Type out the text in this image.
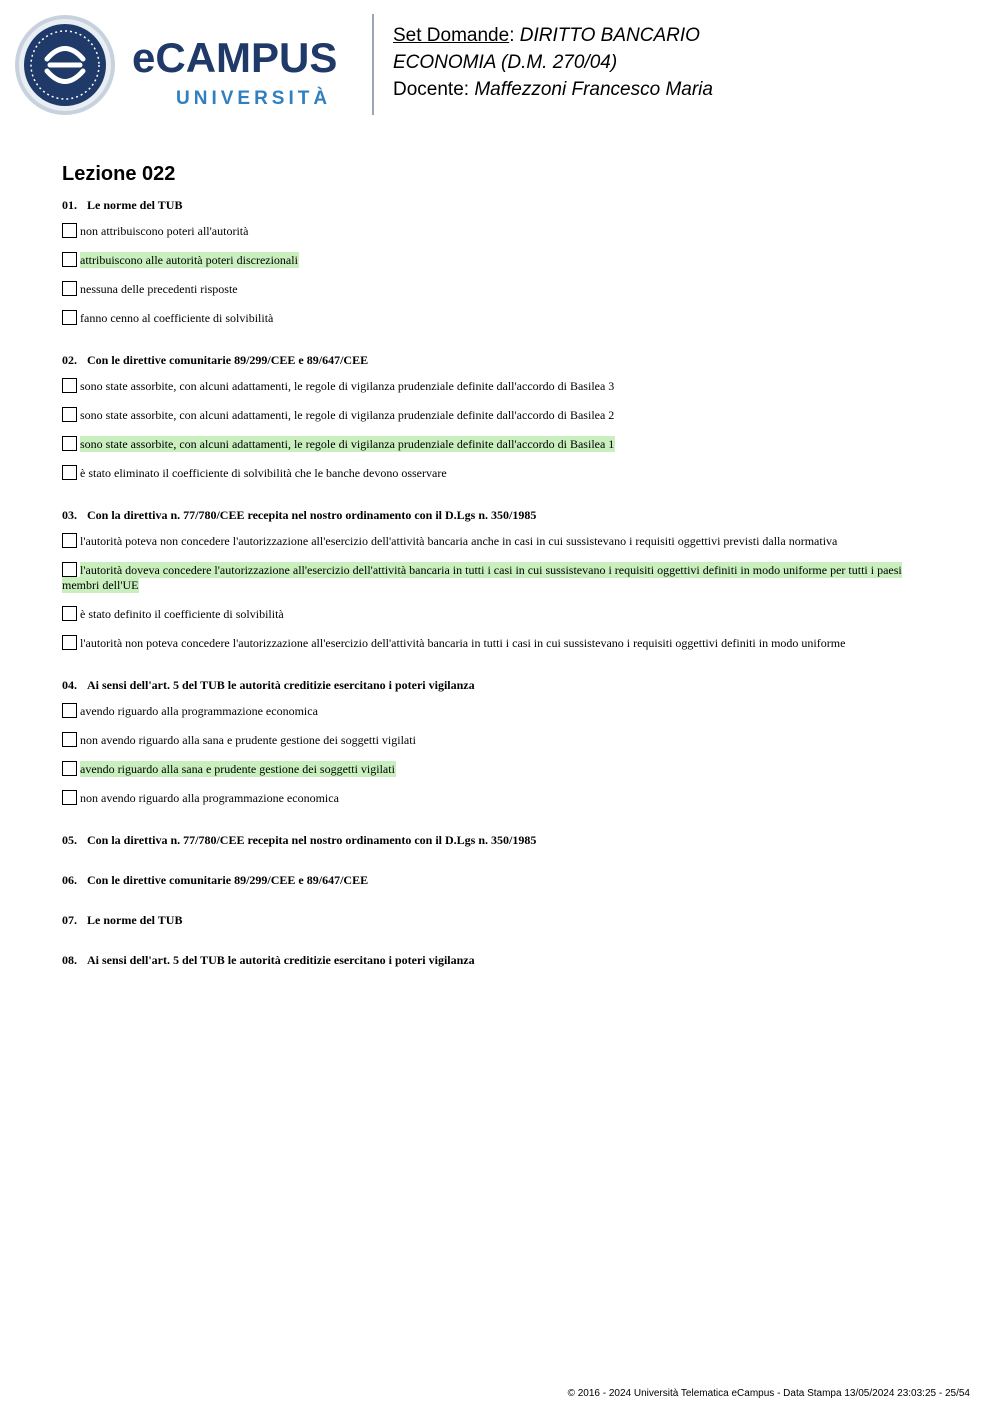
eCAMPUS
UNIVERSITÀ
Set Domande: DIRITTO BANCARIO
ECONOMIA (D.M. 270/04)
Docente: Maffezzoni Francesco Maria
Lezione 022
01. Le norme del TUB
non attribuiscono poteri all'autorità
attribuiscono alle autorità poteri discrezionali
nessuna delle precedenti risposte
fanno cenno al coefficiente di solvibilità
02. Con le direttive comunitarie 89/299/CEE e 89/647/CEE
sono state assorbite, con alcuni adattamenti, le regole di vigilanza prudenziale definite dall'accordo di Basilea 3
sono state assorbite, con alcuni adattamenti, le regole di vigilanza prudenziale definite dall'accordo di Basilea 2
sono state assorbite, con alcuni adattamenti, le regole di vigilanza prudenziale definite dall'accordo di Basilea 1
è stato eliminato il coefficiente di solvibilità che le banche devono osservare
03. Con la direttiva n. 77/780/CEE recepita nel nostro ordinamento con il D.Lgs n. 350/1985
l'autorità poteva non concedere l'autorizzazione all'esercizio dell'attività bancaria anche in casi in cui sussistevano i requisiti oggettivi previsti dalla normativa
l'autorità doveva concedere l'autorizzazione all'esercizio dell'attività bancaria in tutti i casi in cui sussistevano i requisiti oggettivi definiti in modo uniforme per tutti i paesi membri dell'UE
è stato definito il coefficiente di solvibilità
l'autorità non poteva concedere l'autorizzazione all'esercizio dell'attività bancaria in tutti i casi in cui sussistevano i requisiti oggettivi definiti in modo uniforme
04. Ai sensi dell'art. 5 del TUB le autorità creditizie esercitano i poteri vigilanza
avendo riguardo alla programmazione economica
non avendo riguardo alla sana e prudente gestione dei soggetti vigilati
avendo riguardo alla sana e prudente gestione dei soggetti vigilati
non avendo riguardo alla programmazione economica
05. Con la direttiva n. 77/780/CEE recepita nel nostro ordinamento con il D.Lgs n. 350/1985
06. Con le direttive comunitarie 89/299/CEE e 89/647/CEE
07. Le norme del TUB
08. Ai sensi dell'art. 5 del TUB le autorità creditizie esercitano i poteri vigilanza
© 2016 - 2024 Università Telematica eCampus - Data Stampa 13/05/2024 23:03:25 - 25/54
